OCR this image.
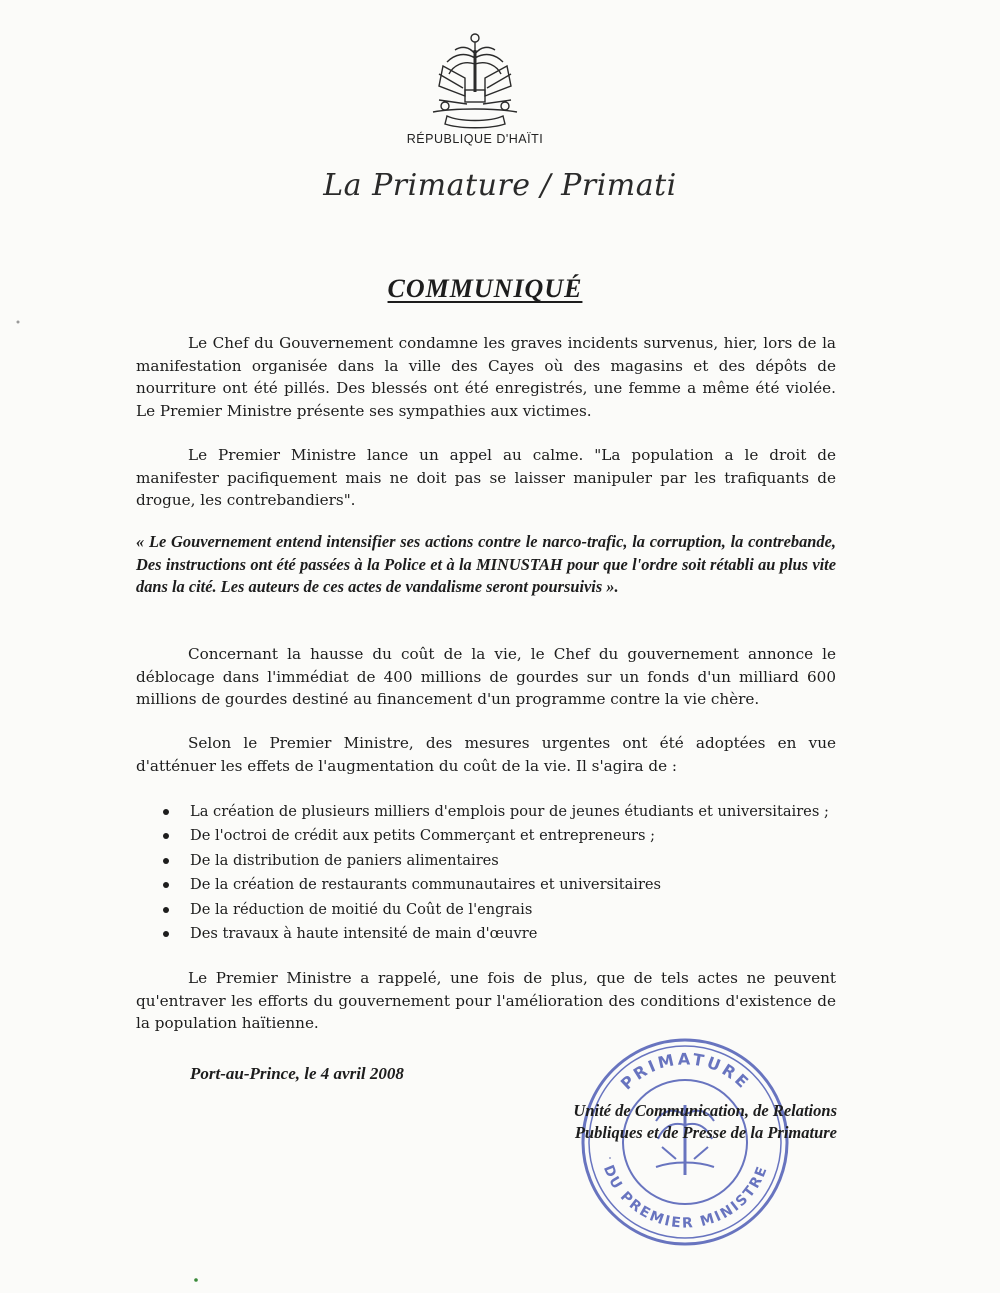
RÉPUBLIQUE D'HAÏTI
La Primature / Primati
COMMUNIQUÉ

Le Chef du Gouvernement condamne les graves incidents survenus, hier, lors de la manifestation organisée dans la ville des Cayes où des magasins et des dépôts de nourriture ont été pillés. Des blessés ont été enregistrés, une femme a même été violée. Le Premier Ministre présente ses sympathies aux victimes.

Le Premier Ministre lance un appel au calme. "La population a le droit de manifester pacifiquement mais ne doit pas se laisser manipuler par les trafiquants de drogue, les contrebandiers".

« Le Gouvernement entend intensifier ses actions contre le narco-trafic, la corruption, la contrebande, Des instructions ont été passées à la Police et à la MINUSTAH pour que l'ordre soit rétabli au plus vite dans la cité. Les auteurs de ces actes de vandalisme seront poursuivis ».

Concernant la hausse du coût de la vie, le Chef du gouvernement annonce le déblocage dans l'immédiat de 400 millions de gourdes sur un fonds d'un milliard 600 millions de gourdes destiné au financement d'un programme contre la vie chère.

Selon le Premier Ministre, des mesures urgentes ont été adoptées en vue d'atténuer les effets de l'augmentation du coût de la vie. Il s'agira de :

La création de plusieurs milliers d'emplois pour de jeunes étudiants et universitaires ;
De l'octroi de crédit aux petits Commerçant et entrepreneurs ;
De la distribution de paniers alimentaires
De la création de restaurants communautaires et universitaires
De la réduction de moitié du Coût de l'engrais
Des travaux à haute intensité de main d'œuvre

Le Premier Ministre a rappelé, une fois de plus, que de tels actes ne peuvent qu'entraver les efforts du gouvernement pour l'amélioration des conditions d'existence de la population haïtienne.

Port-au-Prince, le 4 avril 2008	PRIMATURE
DU PREMIER MINISTRE
Unité de Communication, de Relations
Publiques et de Presse de la Primature
